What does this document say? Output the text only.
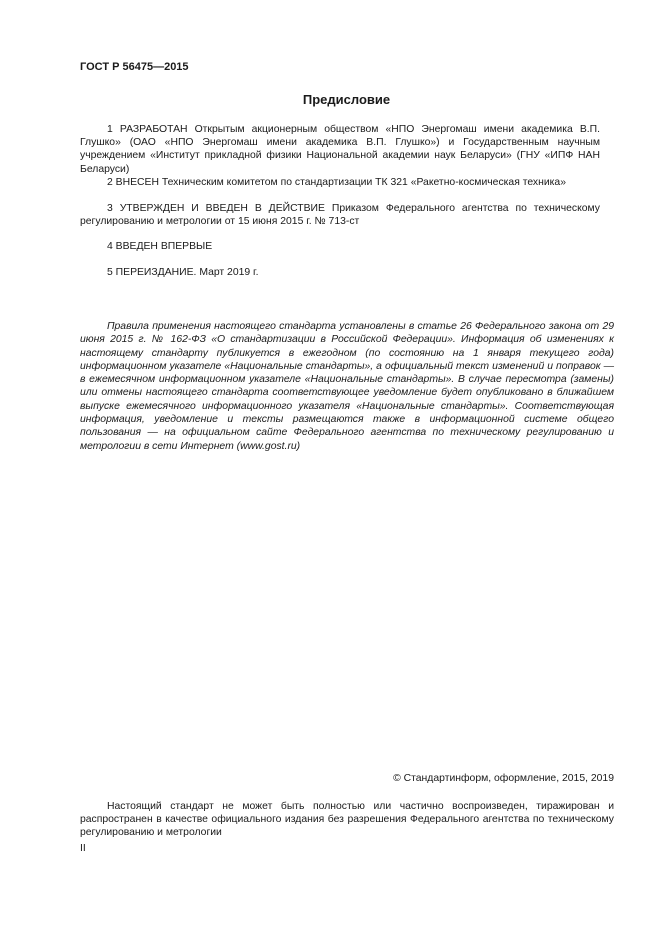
ГОСТ Р 56475—2015
Предисловие

1 РАЗРАБОТАН Открытым акционерным обществом «НПО Энергомаш имени академика В.П. Глушко» (ОАО «НПО Энергомаш имени академика В.П. Глушко») и Государственным научным учреждением «Институт прикладной физики Национальной академии наук Беларуси» (ГНУ «ИПФ НАН Беларуси)

2 ВНЕСЕН Техническим комитетом по стандартизации ТК 321 «Ракетно-космическая техника»

3 УТВЕРЖДЕН И ВВЕДЕН В ДЕЙСТВИЕ Приказом Федерального агентства по техническому регулированию и метрологии от 15 июня 2015 г. № 713-ст

4 ВВЕДЕН ВПЕРВЫЕ

5 ПЕРЕИЗДАНИЕ. Март 2019 г.

Правила применения настоящего стандарта установлены в статье 26 Федерального закона от 29 июня 2015 г. № 162-ФЗ «О стандартизации в Российской Федерации». Информация об изменениях к настоящему стандарту публикуется в ежегодном (по состоянию на 1 января текущего года) информационном указателе «Национальные стандарты», а официальный текст изменений и поправок — в ежемесячном информационном указателе «Национальные стандарты». В случае пересмотра (замены) или отмены настоящего стандарта соответствующее уведомление будет опубликовано в ближайшем выпуске ежемесячного информационного указателя «Национальные стандарты». Соответствующая информация, уведомление и тексты размещаются также в информационной системе общего пользования — на официальном сайте Федерального агентства по техническому регулированию и метрологии в сети Интернет (www.gost.ru)

© Стандартинформ, оформление, 2015, 2019

Настоящий стандарт не может быть полностью или частично воспроизведен, тиражирован и распространен в качестве официального издания без разрешения Федерального агентства по техническому регулированию и метрологии

II
